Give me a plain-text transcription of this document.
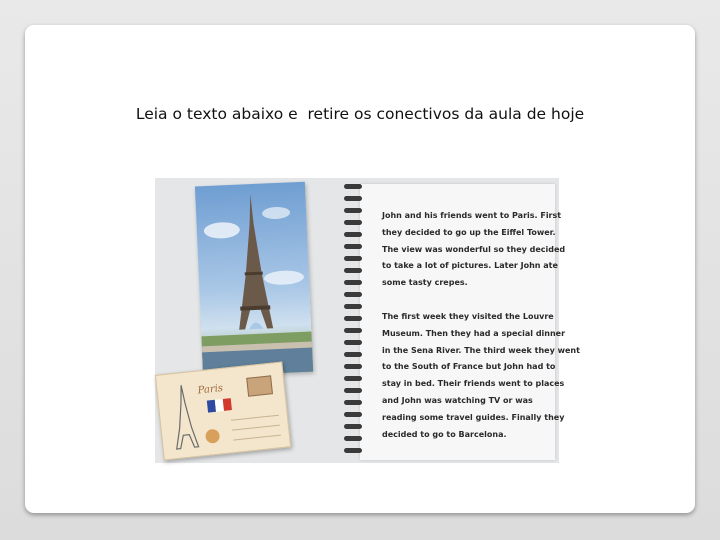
Leia o texto abaixo e  retire os conectivos da aula de hoje
Paris

John and his friends went to Paris. First

they decided to go up the Eiffel Tower.

The view was wonderful so they decided

to take a lot of pictures. Later John ate

some tasty crepes.

The first week they visited the Louvre

Museum. Then they had a special dinner

in the Sena River. The third week they went

to the South of France but John had to

stay in bed. Their friends went to places

and John was watching TV or was

reading some travel guides. Finally they

decided to go to Barcelona.
